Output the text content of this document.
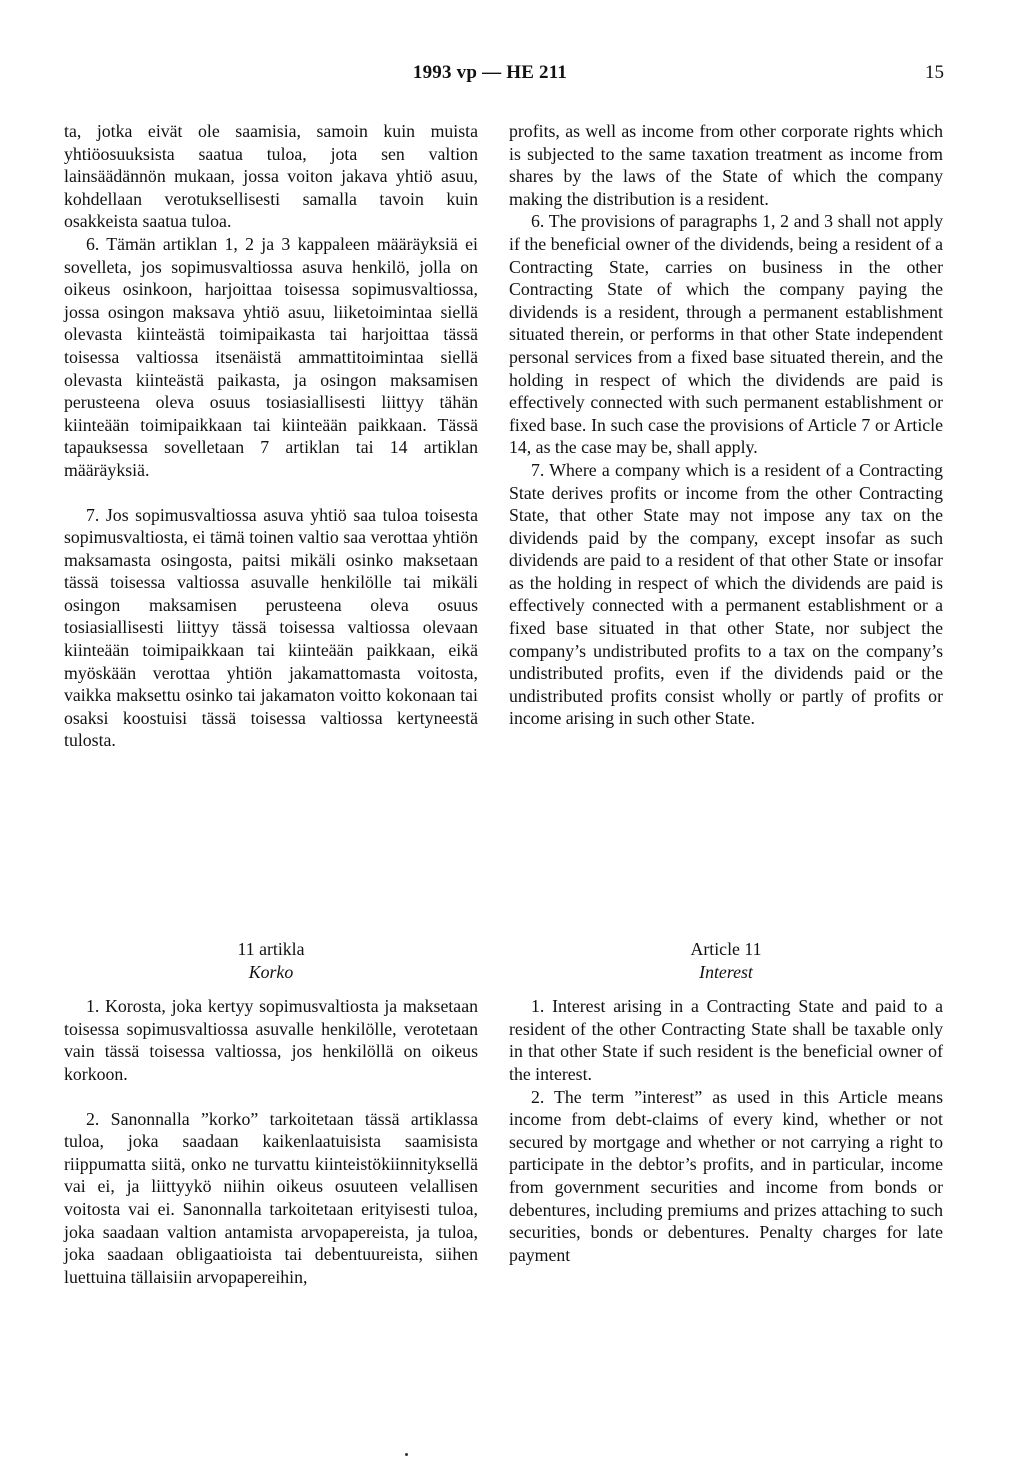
1993 vp — HE 211	15

ta, jotka eivät ole saamisia, samoin kuin muista yhtiöosuuksista saatua tuloa, jota sen valtion lainsäädännön mukaan, jossa voiton jakava yhtiö asuu, kohdellaan verotuksellisesti samalla tavoin kuin osakkeista saatua tuloa.

6. Tämän artiklan 1, 2 ja 3 kappaleen määräyksiä ei sovelleta, jos sopimusvaltiossa asuva henkilö, jolla on oikeus osinkoon, harjoittaa toisessa sopimusvaltiossa, jossa osingon maksava yhtiö asuu, liiketoimintaa siellä olevasta kiinteästä toimipaikasta tai harjoittaa tässä toisessa valtiossa itsenäistä ammattitoimintaa siellä olevasta kiinteästä paikasta, ja osingon maksamisen perusteena oleva osuus tosiasiallisesti liittyy tähän kiinteään toimipaikkaan tai kiinteään paikkaan. Tässä tapauksessa sovelletaan 7 artiklan tai 14 artiklan määräyksiä.

7. Jos sopimusvaltiossa asuva yhtiö saa tuloa toisesta sopimusvaltiosta, ei tämä toinen valtio saa verottaa yhtiön maksamasta osingosta, paitsi mikäli osinko maksetaan tässä toisessa valtiossa asuvalle henkilölle tai mikäli osingon maksamisen perusteena oleva osuus tosiasiallisesti liittyy tässä toisessa valtiossa olevaan kiinteään toimipaikkaan tai kiinteään paikkaan, eikä myöskään verottaa yhtiön jakamattomasta voitosta, vaikka maksettu osinko tai jakamaton voitto kokonaan tai osaksi koostuisi tässä toisessa valtiossa kertyneestä tulosta.

profits, as well as income from other corporate rights which is subjected to the same taxation treatment as income from shares by the laws of the State of which the company making the distribution is a resident.

6. The provisions of paragraphs 1, 2 and 3 shall not apply if the beneficial owner of the dividends, being a resident of a Contracting State, carries on business in the other Contracting State of which the company paying the dividends is a resident, through a permanent establishment situated therein, or performs in that other State independent personal services from a fixed base situated therein, and the holding in respect of which the dividends are paid is effectively connected with such permanent establishment or fixed base. In such case the provisions of Article 7 or Article 14, as the case may be, shall apply.

7. Where a company which is a resident of a Contracting State derives profits or income from the other Contracting State, that other State may not impose any tax on the dividends paid by the company, except insofar as such dividends are paid to a resident of that other State or insofar as the holding in respect of which the dividends are paid is effectively connected with a permanent establishment or a fixed base situated in that other State, nor subject the company’s undistributed profits to a tax on the company’s undistributed profits, even if the dividends paid or the undistributed profits consist wholly or partly of profits or income arising in such other State.

11 artikla

Korko

1. Korosta, joka kertyy sopimusvaltiosta ja maksetaan toisessa sopimusvaltiossa asuvalle henkilölle, verotetaan vain tässä toisessa valtiossa, jos henkilöllä on oikeus korkoon.

2. Sanonnalla ”korko” tarkoitetaan tässä artiklassa tuloa, joka saadaan kaikenlaatuisista saamisista riippumatta siitä, onko ne turvattu kiinteistökiinnityksellä vai ei, ja liittyykö niihin oikeus osuuteen velallisen voitosta vai ei. Sanonnalla tarkoitetaan erityisesti tuloa, joka saadaan valtion antamista arvopapereista, ja tuloa, joka saadaan obligaatioista tai debentuureista, siihen luettuina tällaisiin arvopapereihin,

Article 11

Interest

1. Interest arising in a Contracting State and paid to a resident of the other Contracting State shall be taxable only in that other State if such resident is the beneficial owner of the interest.

2. The term ”interest” as used in this Article means income from debt-claims of every kind, whether or not secured by mortgage and whether or not carrying a right to participate in the debtor’s profits, and in particular, income from government securities and income from bonds or debentures, including premiums and prizes attaching to such securities, bonds or debentures. Penalty charges for late payment
